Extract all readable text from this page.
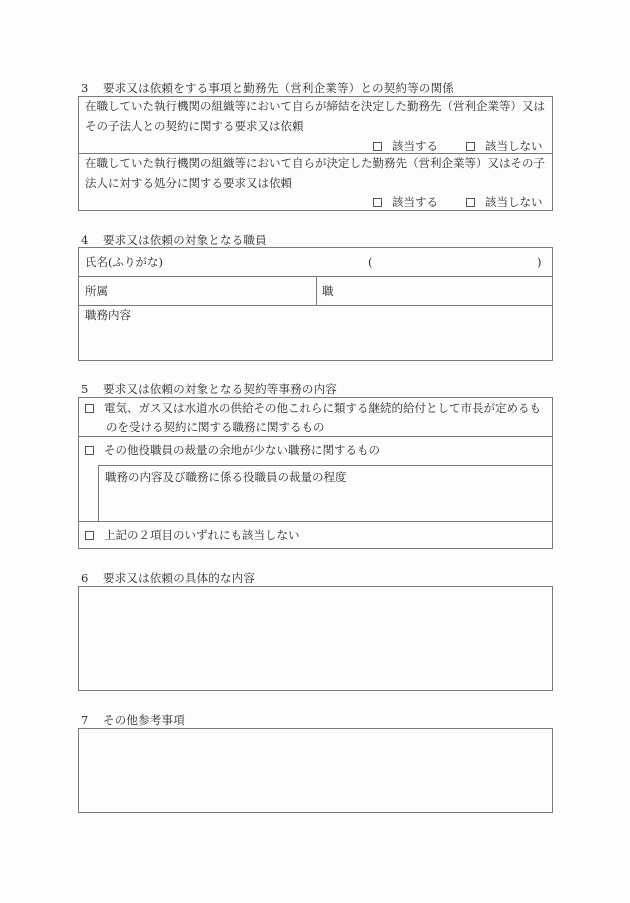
3 要求又は依頼をする事項と勤務先（営利企業等）との契約等の関係
在職していた執行機関の組織等において自らが締結を決定した勤務先（営利企業等）又は
その子法人との契約に関する要求又は依頼
該当する	該当しない
在職していた執行機関の組織等において自らが決定した勤務先（営利企業等）又はその子
法人に対する処分に関する要求又は依頼
該当する	該当しない
4 要求又は依頼の対象となる職員
氏名(ふりがな)	(	)
所属	職
職務内容
5 要求又は依頼の対象となる契約等事務の内容
電気、ガス又は水道水の供給その他これらに類する継続的給付として市長が定めるも
のを受ける契約に関する職務に関するもの
その他役職員の裁量の余地が少ない職務に関するもの
職務の内容及び職務に係る役職員の裁量の程度
上記の２項目のいずれにも該当しない
6 要求又は依頼の具体的な内容
7 その他参考事項
